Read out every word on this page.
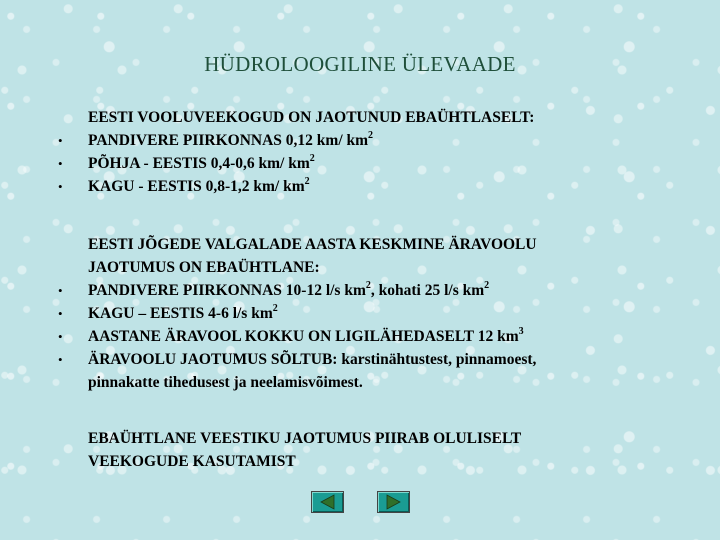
HÜDROLOOGILINE ÜLEVAADE
EESTI VOOLUVEEKOGUD ON JAOTUNUD EBAÜHTLASELT:
• PANDIVERE PIIRKONNAS 0,12 km/ $km^2$
• PÕHJA - EESTIS 0,4-0,6 km/ $km^2$
• KAGU - EESTIS 0,8-1,2 km/ $km^2$
EESTI JÕGEDE VALGALADE AASTA KESKMINE ÄRAVOOLU
JAOTUMUS ON EBAÜHTLANE:
• PANDIVERE PIIRKONNAS 10-12 l/s $km^2$, kohati 25 l/s $km^2$
• KAGU – EESTIS 4-6 l/s $km^2$
• AASTANE ÄRAVOOL KOKKU ON LIGILÄHEDASELT 12 $km^3$
• ÄRAVOOLU JAOTUMUS SÕLTUB: karstinähtustest, pinnamoest,
pinnakatte tihedusest ja neelamisvõimest.
EBAÜHTLANE VEESTIKU JAOTUMUS PIIRAB OLULISELT
VEEKOGUDE KASUTAMIST
